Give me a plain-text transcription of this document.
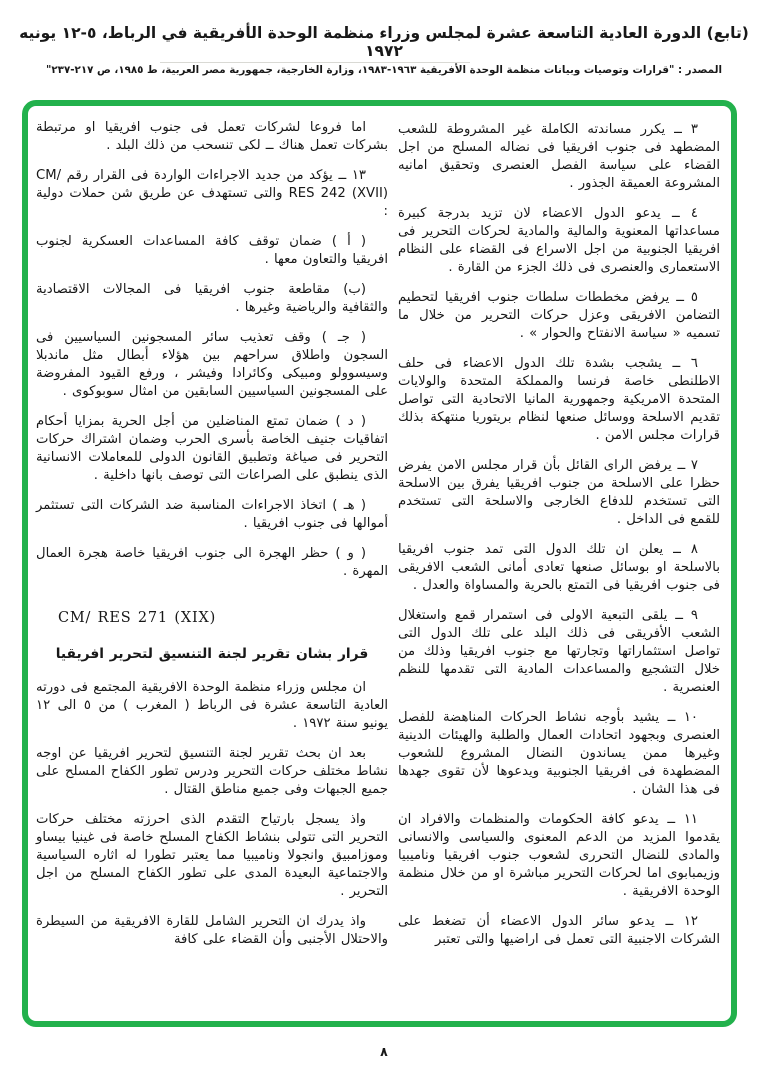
(تابع) الدورة العادية التاسعة عشرة لمجلس وزراء منظمة الوحدة الأفريقية في الرباط، ٥-١٢ يونيه ١٩٧٢
المصدر : "قرارات وتوصيات وبيانات منظمة الوحدة الأفريقية ١٩٦٣-١٩٨٣، وزارة الخارجية، جمهورية مصر العربية، ط ١٩٨٥، ص ٢١٧-٢٣٧"

٣ ــ يكرر مساندته الكاملة غير المشروطة للشعب المضطهد فى جنوب افريقيا فى نضاله المسلح من اجل القضاء على سياسة الفصل العنصرى وتحقيق امانيه المشروعة العميقة الجذور .

٤ ــ يدعو الدول الاعضاء لان تزيد بدرجة كبيرة مساعداتها المعنوية والمالية والمادية لحركات التحرير فى افريقيا الجنوبية من اجل الاسراع فى القضاء على النظام الاستعمارى والعنصرى فى ذلك الجزء من القارة .

٥ ــ يرفض مخططات سلطات جنوب افريقيا لتحطيم التضامن الافريقى وعزل حركات التحرير من خلال ما تسميه « سياسة الانفتاح والحوار » .

٦ ــ يشجب بشدة تلك الدول الاعضاء فى حلف الاطلنطى خاصة فرنسا والمملكة المتحدة والولايات المتحدة الامريكية وجمهورية المانيا الاتحادية التى تواصل تقديم الاسلحة ووسائل صنعها لنظام بريتوريا منتهكة بذلك قرارات مجلس الامن .

٧ ــ يرفض الراى القائل بأن قرار مجلس الامن يفرض حظرا على الاسلحة من جنوب افريقيا يفرق بين الاسلحة التى تستخدم للدفاع الخارجى والاسلحة التى تستخدم للقمع فى الداخل .

٨ ــ يعلن ان تلك الدول التى تمد جنوب افريقيا بالاسلحة او بوسائل صنعها تعادى أمانى الشعب الافريقى فى جنوب افريقيا فى التمتع بالحرية والمساواة والعدل .

٩ ــ يلقى التبعية الاولى فى استمرار قمع واستغلال الشعب الأفريقى فى ذلك البلد على تلك الدول التى تواصل استثماراتها وتجارتها مع جنوب افريقيا وذلك من خلال التشجيع والمساعدات المادية التى تقدمها للنظم العنصرية .

١٠ ــ يشيد بأوجه نشاط الحركات المناهضة للفصل العنصرى وبجهود اتحادات العمال والطلبة والهيئات الدينية وغيرها ممن يساندون النضال المشروع للشعوب المضطهدة فى افريقيا الجنوبية ويدعوها لأن تقوى جهدها فى هذا الشان .

١١ ــ يدعو كافة الحكومات والمنظمات والافراد ان يقدموا المزيد من الدعم المعنوى والسياسى والانسانى والمادى للنضال التحررى لشعوب جنوب افريقيا وناميبيا وزيمبابوى اما لحركات التحرير مباشرة او من خلال منظمة الوحدة الافريقية .

١٢ ــ يدعو سائر الدول الاعضاء أن تضغط على الشركات الاجنبية التى تعمل فى اراضيها والتى تعتبر

اما فروعا لشركات تعمل فى جنوب افريقيا او مرتبطة بشركات تعمل هناك ــ لكى تنسحب من ذلك البلد .

١٣ ــ يؤكد من جديد الاجراءات الواردة فى القرار رقم ⁦CM/ RES 242 (XVII)⁩ والتى تستهدف عن طريق شن حملات دولية :

( أ ) ضمان توقف كافة المساعدات العسكرية لجنوب افريقيا والتعاون معها .

(ب) مقاطعة جنوب افريقيا فى المجالات الاقتصادية والثقافية والرياضية وغيرها .

( جـ ) وقف تعذيب سائر المسجونين السياسيين فى السجون واطلاق سراحهم بين هؤلاء أبطال مثل ماندبلا وسيسوولو ومبيكى وكائرادا وفيشر ، ورفع القيود المفروضة على المسجونين السياسيين السابقين من امثال سوبوكوى .

( د ) ضمان تمتع المناضلين من أجل الحرية بمزايا أحكام اتفاقيات جنيف الخاصة بأسرى الحرب وضمان اشتراك حركات التحرير فى صياغة وتطبيق القانون الدولى للمعاملات الانسانية الذى ينطبق على الصراعات التى توصف بانها داخلية .

( هـ ) اتخاذ الاجراءات المناسبة ضد الشركات التى تستثمر أموالها فى جنوب افريقيا .

( و ) حظر الهجرة الى جنوب افريقيا خاصة هجرة العمال المهرة .

CM/ RES 271 (XIX)

قرار بشان تقرير لجنة التنسيق لتحرير افريقيا

ان مجلس وزراء منظمة الوحدة الافريقية المجتمع فى دورته العادية التاسعة عشرة فى الرباط ( المغرب ) من ٥ الى ١٢ يونيو سنة ١٩٧٢ .

بعد ان بحث تقرير لجنة التنسيق لتحرير افريقيا عن اوجه نشاط مختلف حركات التحرير ودرس تطور الكفاح المسلح على جميع الجبهات وفى جميع مناطق القتال .

واذ يسجل بارتياح التقدم الذى احرزته مختلف حركات التحرير التى تتولى بنشاط الكفاح المسلح خاصة فى غينيا بيساو وموزامبيق وانجولا وناميبيا مما يعتبر تطورا له اثاره السياسية والاجتماعية البعيدة المدى على تطور الكفاح المسلح من اجل التحرير .

واذ يدرك ان التحرير الشامل للقارة الافريقية من السيطرة والاحتلال الأجنبى وأن القضاء على كافة

٨
